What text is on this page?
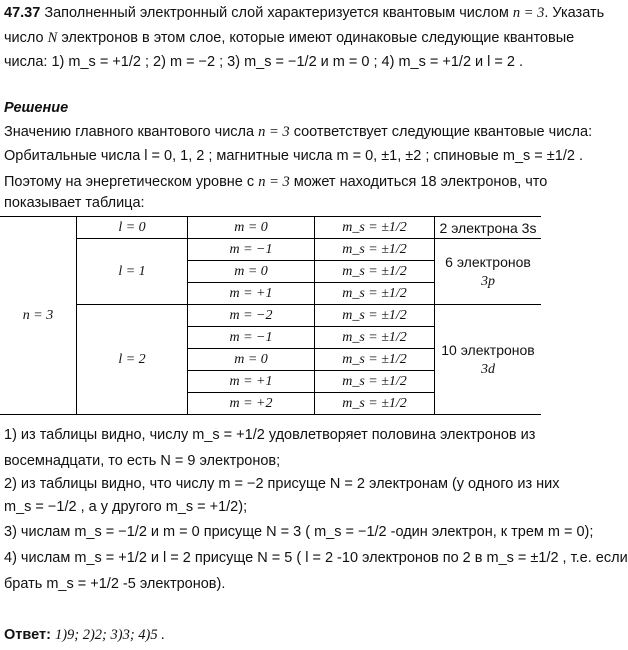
47.37 Заполненный электронный слой характеризуется квантовым числом n = 3. Указать
число N электронов в этом слое, которые имеют одинаковые следующие квантовые
числа: 1) m_s = +1/2 ; 2) m = −2 ; 3) m_s = −1/2 и m = 0 ; 4) m_s = +1/2 и l = 2 .
Решение
Значению главного квантового числа n = 3 соответствует следующие квантовые числа:
Орбитальные числа l = 0, 1, 2 ; магнитные числа m = 0, ±1, ±2 ; спиновые m_s = ±1/2 .
Поэтому на энергетическом уровне с n = 3 может находиться 18 электронов, что
показывает таблица:
n = 3	l = 0	m = 0	m_s = ±1/2	2 электрона 3s
	l = 1	m = −1	m_s = ±1/2	6 электронов
3p

		m = 0	m_s = ±1/2	
		m = +1	m_s = ±1/2	
	l = 2	m = −2	m_s = ±1/2	10 электронов
3d

		m = −1	m_s = ±1/2	
		m = 0	m_s = ±1/2	
		m = +1	m_s = ±1/2	
		m = +2	m_s = ±1/2	
1) из таблицы видно, числу m_s = +1/2 удовлетворяет половина электронов из
восемнадцати, то есть N = 9 электронов;
2) из таблицы видно, что числу m = −2 присуще N = 2 электронам (у одного из них
m_s = −1/2 , а у другого m_s = +1/2);
3) числам m_s = −1/2 и m = 0 присуще N = 3 ( m_s = −1/2 -один электрон, к трем m = 0);
4) числам m_s = +1/2 и l = 2 присуще N = 5 ( l = 2 -10 электронов по 2 в m_s = ±1/2 , т.е. если
брать m_s = +1/2 -5 электронов).
Ответ: 1)9; 2)2; 3)3; 4)5 .
